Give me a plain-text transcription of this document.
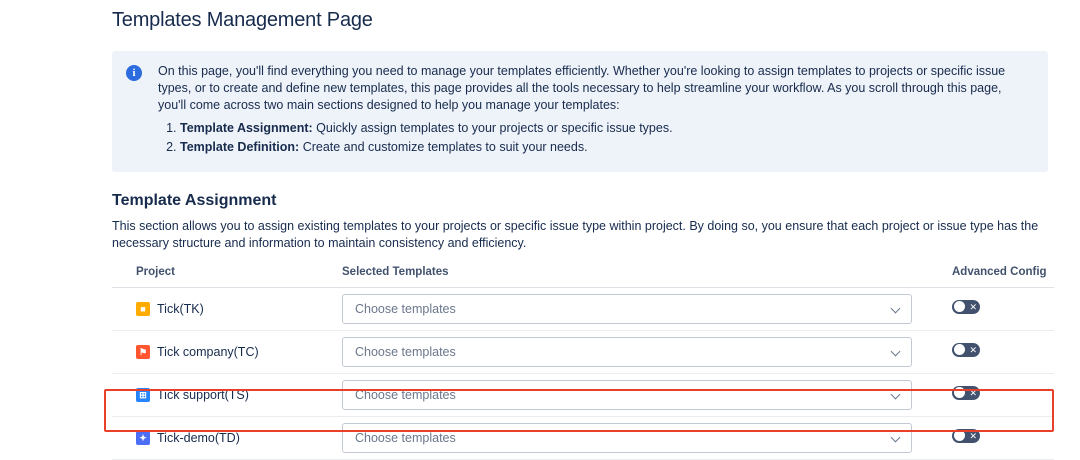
Templates Management Page
i	On this page, you'll find everything you need to manage your templates efficiently. Whether you're looking to assign templates to projects or specific issue types, or to create and define new templates, this page provides all the tools necessary to help streamline your workflow. As you scroll through this page, you'll come across two main sections designed to help you manage your templates:

1. Template Assignment: Quickly assign templates to your projects or specific issue types.
2. Template Definition: Create and customize templates to suit your needs.
Template Assignment

This section allows you to assign existing templates to your projects or specific issue type within project. By doing so, you ensure that each project or issue type has the necessary structure and information to maintain consistency and efficiency.

Project	Selected Templates	Advanced Config

■ Tick(TK)	Choose templates	✕

⚑ Tick company(TC)	Choose templates	✕

⊞ Tick support(TS)	Choose templates	✕

✦ Tick-demo(TD)	Choose templates	✕
